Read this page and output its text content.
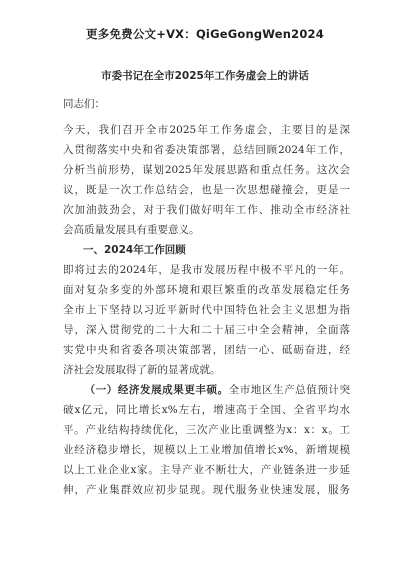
更多免费公文+VX：QiGeGongWen2024
市委书记在全市2025年工作务虚会上的讲话
同志们：
今天，我们召开全市2025年工作务虚会，主要目的是深
入贯彻落实中央和省委决策部署，总结回顾2024年工作，
分析当前形势，谋划2025年发展思路和重点任务。这次会
议，既是一次工作总结会，也是一次思想碰撞会，更是一
次加油鼓劲会，对于我们做好明年工作、推动全市经济社
会高质量发展具有重要意义。
一、2024年工作回顾
即将过去的2024年，是我市发展历程中极不平凡的一年。
面对复杂多变的外部环境和艰巨繁重的改革发展稳定任务
全市上下坚持以习近平新时代中国特色社会主义思想为指
导，深入贯彻党的二十大和二十届三中全会精神，全面落
实党中央和省委各项决策部署，团结一心、砥砺奋进，经
济社会发展取得了新的显著成就。
  （一）经济发展成果更丰硕。全市地区生产总值预计突
破x亿元，同比增长x%左右，增速高于全国、全省平均水
平。产业结构持续优化，三次产业比重调整为x：x：x。工
业经济稳步增长，规模以上工业增加值增长x%，新增规模
以上工业企业x家。主导产业不断壮大，产业链条进一步延
伸，产业集群效应初步显现。现代服务业快速发展，服务
